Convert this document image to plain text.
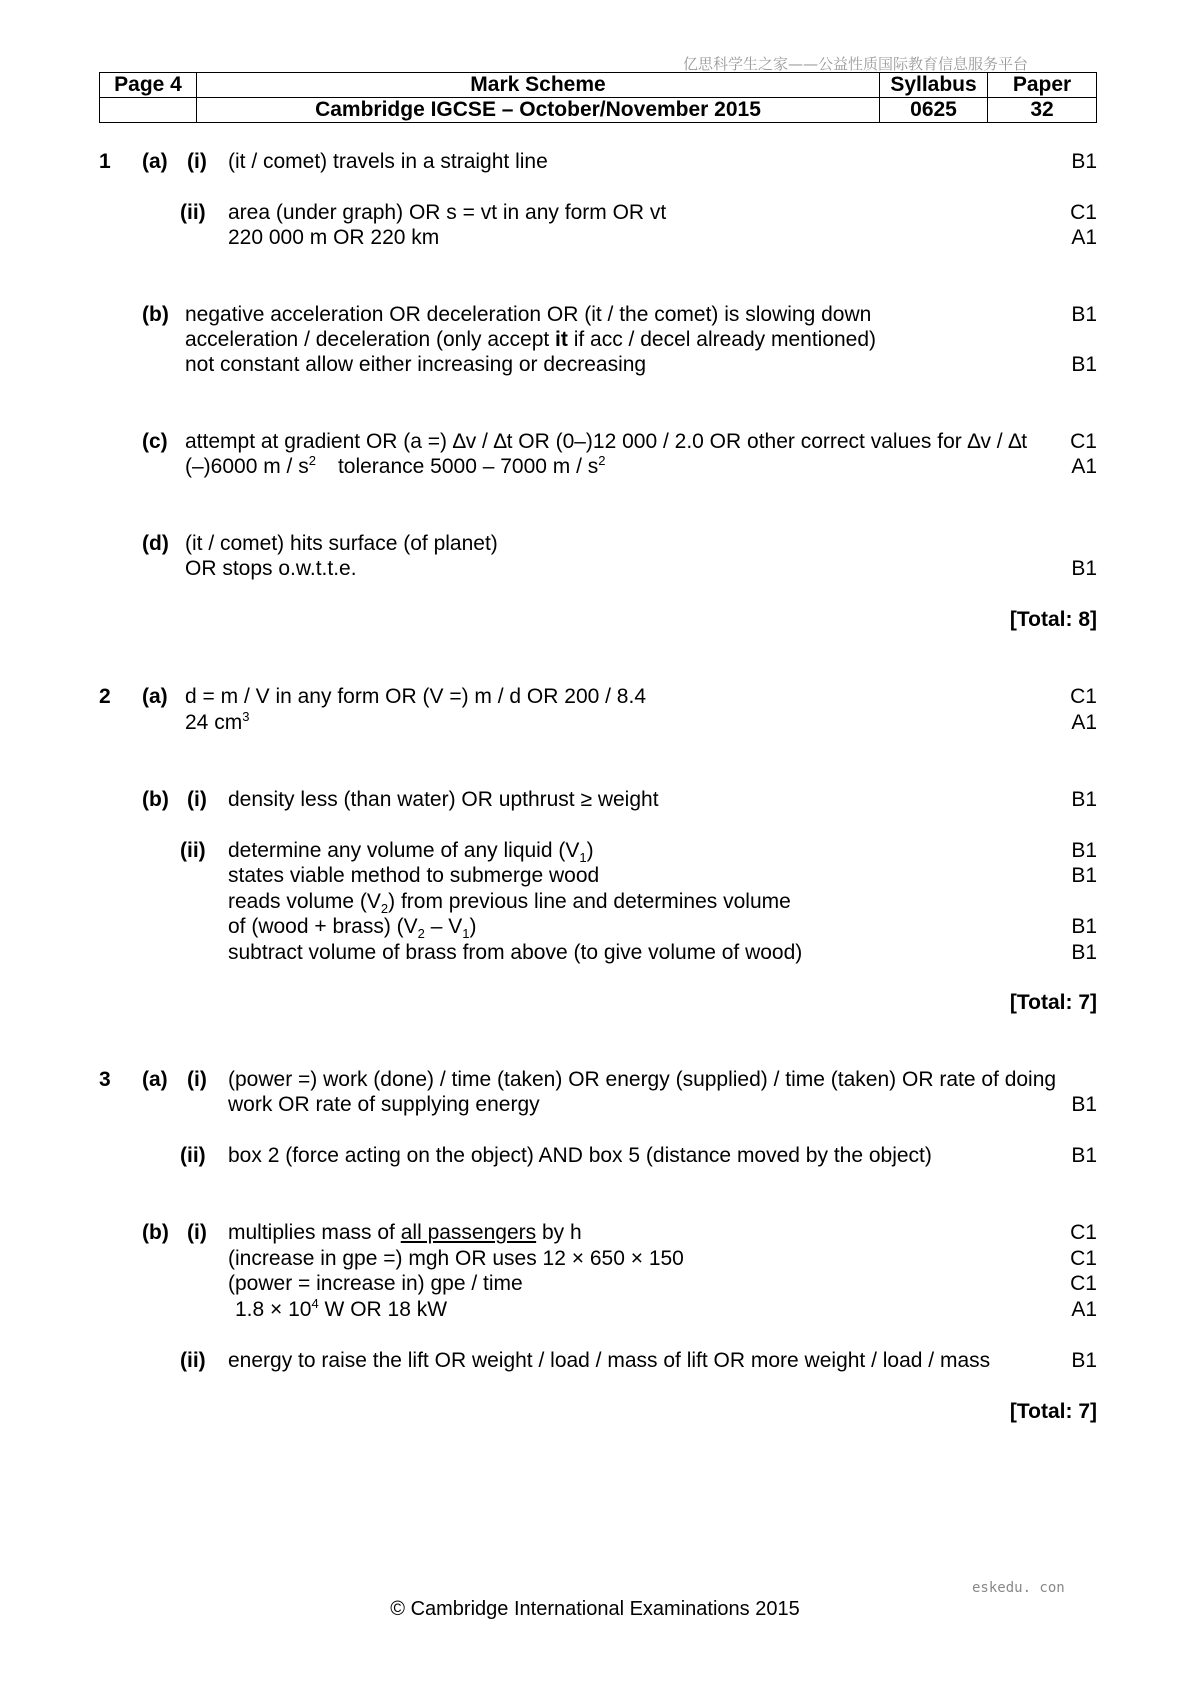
亿思科学生之家——公益性质国际教育信息服务平台
Page 4	Mark Scheme	Syllabus	Paper
	Cambridge IGCSE – October/November 2015	0625	32
1 (a) (i) (it / comet) travels in a straight line	B1
(ii) area (under graph) OR s = vt in any form OR vt	C1
220 000 m OR 220 km	A1
(b) negative acceleration OR deceleration OR (it / the comet) is slowing down	B1
acceleration / deceleration (only accept it if acc / decel already mentioned)
not constant allow either increasing or decreasing	B1
(c) attempt at gradient OR (a =) ∆v / ∆t OR (0–)12 000 / 2.0 OR other correct values for ∆v / ∆t C1
(–)6000 m / $s^2$ tolerance 5000 – 7000 m / $s^2$	A1
(d) (it / comet) hits surface (of planet)
OR stops o.w.t.t.e.	B1
[Total: 8]
2 (a) d = m / V in any form OR (V =) m / d OR 200 / 8.4	C1
24 $cm^3$	A1
(b) (i) density less (than water) OR upthrust ≥ weight	B1
(ii) determine any volume of any liquid $(V_1)$	B1
states viable method to submerge wood	B1
reads volume $(V_2)$ from previous line and determines volume
of (wood + brass) $(V_2 - V_1)$	B1
subtract volume of brass from above (to give volume of wood)	B1
[Total: 7]
3 (a) (i) (power =) work (done) / time (taken) OR energy (supplied) / time (taken) OR rate of doing
work OR rate of supplying energy	B1
(ii) box 2 (force acting on the object) AND box 5 (distance moved by the object)	B1
(b) (i) multiplies mass of all passengers by h	C1
(increase in gpe =) mgh OR uses 12 × 650 × 150	C1
(power = increase in) gpe / time	C1
$1.8 \times 10^4$ W OR 18 kW	A1
(ii) energy to raise the lift OR weight / load / mass of lift OR more weight / load / mass	B1
[Total: 7]
eskedu. con
© Cambridge International Examinations 2015
